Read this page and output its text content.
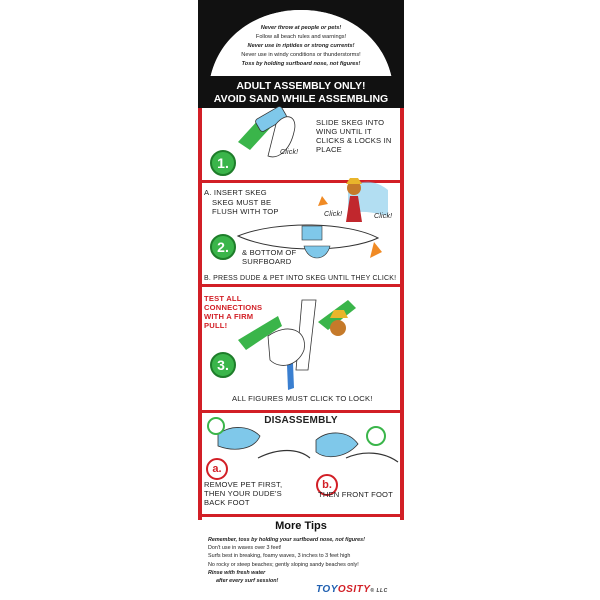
Never throw at people or pets!
Follow all beach rules and warnings!
Never use in riptides or strong currents!
Never use in windy conditions or thunderstorms!
Toss by holding surfboard nose, not figures!
ADULT ASSEMBLY ONLY!
AVOID SAND WHILE ASSEMBLING
1.
SLIDE SKEG INTO WING UNTIL IT CLICKS & LOCKS IN PLACE
Click!
A. INSERT SKEG
SKEG MUST BE FLUSH WITH TOP	Click!	Click!
2.	& BOTTOM OF SURFBOARD
B. PRESS DUDE & PET INTO SKEG UNTIL THEY CLICK!
TEST ALL CONNECTIONS WITH A FIRM PULL!
3.
ALL FIGURES MUST CLICK TO LOCK!
DISASSEMBLY
a.
REMOVE PET FIRST, THEN YOUR DUDE'S BACK FOOT
b.
THEN FRONT FOOT
More Tips
Remember, toss by holding your surfboard nose, not figures!
Don't use in waves over 3 feet!
Surfs best in breaking, foamy waves, 3 inches to 3 feet high
No rocky or steep beaches; gently sloping sandy beaches only!
Rinse with fresh water
after every surf session!
TOYOSITY® LLC
